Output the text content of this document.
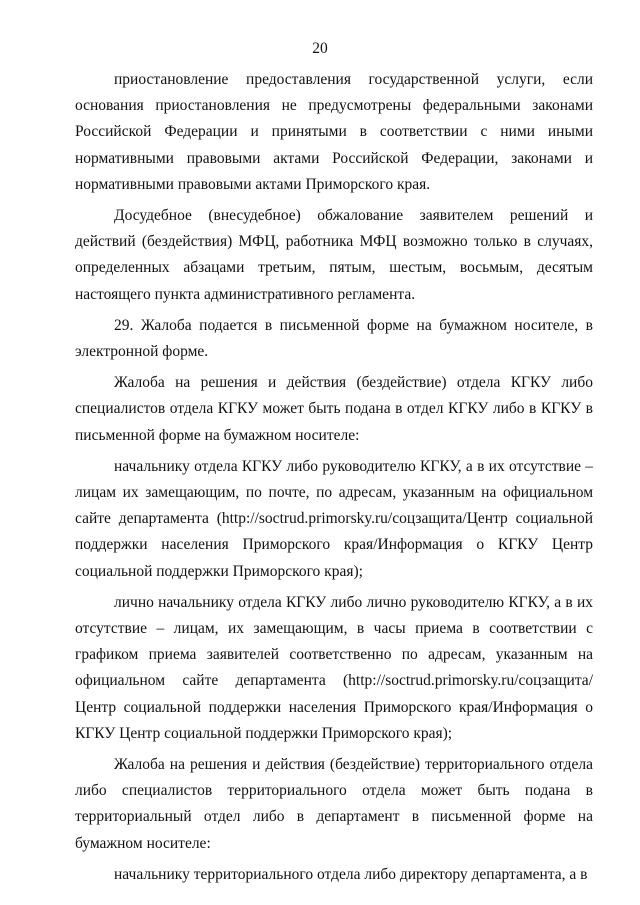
20

приостановление предоставления государственной услуги, если основания приостановления не предусмотрены федеральными законами Российской Федерации и принятыми в соответствии с ними иными нормативными правовыми актами Российской Федерации, законами и нормативными правовыми актами Приморского края.

Досудебное (внесудебное) обжалование заявителем решений и действий (бездействия) МФЦ, работника МФЦ возможно только в случаях, определенных абзацами третьим, пятым, шестым, восьмым, десятым настоящего пункта административного регламента.

29. Жалоба подается в письменной форме на бумажном носителе, в электронной форме.

Жалоба на решения и действия (бездействие) отдела КГКУ либо специалистов отдела КГКУ может быть подана в отдел КГКУ либо в КГКУ в письменной форме на бумажном носителе:

начальнику отдела КГКУ либо руководителю КГКУ, а в их отсутствие – лицам их замещающим, по почте, по адресам, указанным на официальном сайте департамента (http://soctrud.primorsky.ru/соцзащита/Центр социальной поддержки населения Приморского края/Информация о КГКУ Центр социальной поддержки Приморского края);

лично начальнику отдела КГКУ либо лично руководителю КГКУ, а в их отсутствие – лицам, их замещающим, в часы приема в соответствии с графиком приема заявителей соответственно по адресам, указанным на официальном сайте департамента (http://soctrud.primorsky.ru/соцзащита/Центр социальной поддержки населения Приморского края/Информация о КГКУ Центр социальной поддержки Приморского края);

Жалоба на решения и действия (бездействие) территориального отдела либо специалистов территориального отдела может быть подана в территориальный отдел либо в департамент в письменной форме на бумажном носителе:

начальнику территориального отдела либо директору департамента, а в
